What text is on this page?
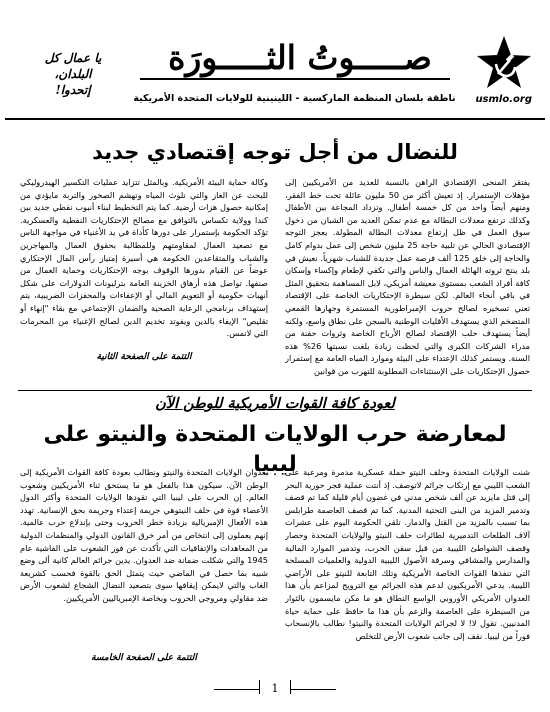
يا عمال كل
البلدان،
إتحدوا!
صـــــوتُ الثـــــورَة
ناطقة بلسان المنظمة الماركسية - اللينينية للولايات المتحدة الأمريكية	usmlo.org
للنضال من أجل توجه إقتصادي جديد

يفتقر المنحى الإقتصادي الراهن بالنسبة للعديد من الأمريكيين إلى مؤهلات الإستمرار. إذ تعيش أكثر من 50 مليون عائلة تحت خط الفقر، ومنهم أيضاً واحد من كل خمسة أطفال. وتزداد المجاعة بين الأطفال وكذلك ترتفع معدلات البطالة مع عدم تمكن العديد من الشبان من دخول سوق العمل في ظل إرتفاع معدلات البطالة المطولة. يعجز التوجه الإقتصادي الحالي عن تلبية حاجة 25 مليون شخص إلى عمل بدوام كامل والحاجة إلى خلق 125 ألف فرصة عمل جديدة للشباب شهرياً. نعيش في بلد ينتج ثروته الهائلة العمال والناس والتي تكفي لإطعام وإكساء وإسكان كافة أفراد الشعب بمستوى معيشة أمريكي، لابل المساهمة بتحقيق المثل في باقي أنحاء العالم. لكن سيطرة الإحتكاريات الخاصة على الإقتصاد تعني تسخيره لصالح حروب الإمبراطورية المستمرة وجهازها القمعي المتضخم الذي يستهدف الأقليات الوطنية بالسجن على نطاق واسع، ولكنه أيضاً يستهدف حلب الإقتصاد لصالح الأرباح الخاصة وثروات حفنة من مدراء الشركات الكبرى والتي لحظت زيادة بلغت نسبتها 26% هذه السنة. ويستمر كذلك الإعتداء على البيئة وموارد المياه العامة مع إستمرار حصول الإحتكاريات على الإستثناءات المطلوبة للتهرب من قوانين

وكالة حماية البيئة الأمريكية. وبالمثل تتزايد عمليات التكسير الهيدروليكي للبحث عن الغاز والتي تلوث المياه وتهشم الصخور والتربة مايؤدي من إمكانية حصول هزات أرضية. كما يتم التخطيط لبناء أنبوب نفطي جديد بين كندا وولاية تكساس بالتوافق مع مصالح الإحتكاريات النفطية والعسكرية. تؤكد الحكومة بإستمرار على دورها كأداة في يد الأغنياء في مواجهة الناس مع تصعيد العمال لمقاومتهم وللمطالبة بحقوق العمال والمهاجرين والشباب والمتقاعدين الحكومة هي أسيرة إمتياز رأس المال الإحتكاري عوضاً عن القيام بدورها الوقوف بوجه الإحتكاريات وحماية العمال من صنفها. تواصل هذه أرهاق الخزينة العامة بترليونات الدولارات على شكل أنهبات حكومية أو التعويم المالي أو الإعفاءات والمحفزات الضريبية، يتم إستهداف برنامجي الرعاية الصحية والضمان الإجتماعي مع بقاء "إنهاء أو تقليص" الإيفاء بالدين ويفوتد تخديم الدين لصالح الإغنياء من المحرمات التي لاتمس.

التتمة على الصفحة الثانية
لعودة كافة القوات الأمريكية للوطن الآن
لمعارضة حرب الولايات المتحدة والنيتو على ليبيا

شنت الولايات المتحدة وحلف النيتو حملة عسكرية مدمرة ومرعبة على الشعب الليبي مع إرتكاب جرائم لاتوصف. إذ أنتت عملية فجر حورية البحر إلى قتل مايزيد عن ألف شخص مدني في غضون أيام قليلة كما تم قصف وتدمير المزيد من البنى التحتية المدنية. كما تم قصف العاصمة طرابلس بما تسبب بالمزيد من القتل والدمار. تلقي الحكومة اليوم على عشرات آلاف الطلعات التدميرية لطائرات حلف النيتو والولايات المتحدة وحصار وقصف الشواطئ الليبية من قبل سفن الحرب، وتدمير الموارد المالية والمدارس والمشافي وسرقة الأصول الليبية الدولية والعلميات المسلحة التي تنفذها القوات الخاصة الأمريكية وتلك التابعة للنيتو على الأراضي الليبية. يدعي الأمريكيون لدعم هذه الجرائم مع الترويج لمزاعم بأن هذا العدوان الأمريكي الأوروبي الواسع النطاق هو ما مكن مايسمون بالثوار من السيطرة على العاصمة والزعم بأن هذا ما حافظ على حماية حياة المدنيين. تقول لا! لا لجرائم الولايات المتحدة والنيتو! نطالب بالإنسحاب فوراً من ليبيا. نقف إلى جانب شعوب الأرض للتخلص

بعدوان الولايات المتحدة والنيتو ونطالب بعودة كافة القوات الأمريكية إلى الوطن الآن. سيكون هذا بالفعل هو ما يستحق ثناء الأمريكيين وشعوب العالم. إن الحرب على ليبيا التي تقودها الولايات المتحدة وأكثر الدول الأعضاء قوة في حلف النيتوهي جريمة إعتداء وجريمة بحق الإنسانية. تهدد هذه الأفعال الإمبريالية بزيادة خطر الحروب وحتى بإندلاع حرب عالمية. إنهم يعملون إلى انتخاص من أمر خرق القانون الدولي والمنظمات الدولية من المعاهدات والإتفاقيات التي تأكدت عن فوز الشعوب على الفاشية عام 1945 والتي شكلت ضمانة ضد العدوان. يدين جرائم العالم كانية ألى وضع شبيه بما حصل في الماضي حيث يتمثل الحق بالقوة فحسب كشريعة الغاب والتي لايمكن إيقافها سوى بتصعيد النضال الشجاع لشعوب الأرض ضد مقاولي ومروجي الحروب وبخاصة الإمبرياليين الأمريكيين.

التتمة على الصفحة الخامسة
1
